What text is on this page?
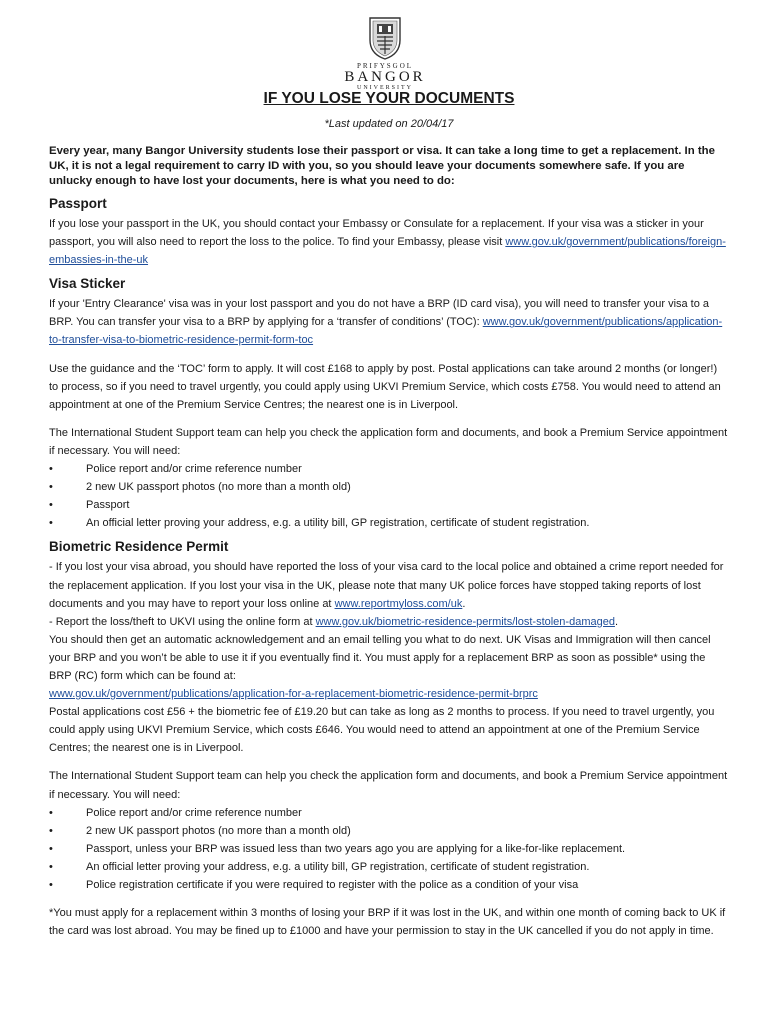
PRIFYSGOL
BANGOR
UNIVERSITY
IF YOU LOSE YOUR DOCUMENTS
*Last updated on 20/04/17

Every year, many Bangor University students lose their passport or visa. It can take a long time to get a replacement. In the UK, it is not a legal requirement to carry ID with you, so you should leave your documents somewhere safe. If you are unlucky enough to have lost your documents, here is what you need to do:

Passport

If you lose your passport in the UK, you should contact your Embassy or Consulate for a replacement. If your visa was a sticker in your passport, you will also need to report the loss to the police. To find your Embassy, please visit www.gov.uk/government/publications/foreign-embassies-in-the-uk

Visa Sticker

If your 'Entry Clearance' visa was in your lost passport and you do not have a BRP (ID card visa), you will need to transfer your visa to a BRP. You can transfer your visa to a BRP by applying for a ‘transfer of conditions’ (TOC): www.gov.uk/government/publications/application-to-transfer-visa-to-biometric-residence-permit-form-toc

Use the guidance and the ‘TOC’ form to apply. It will cost £168 to apply by post. Postal applications can take around 2 months (or longer!) to process, so if you need to travel urgently, you could apply using UKVI Premium Service, which costs £758. You would need to attend an appointment at one of the Premium Service Centres; the nearest one is in Liverpool.

The International Student Support team can help you check the application form and documents, and book a Premium Service appointment if necessary. You will need:

•	Police report and/or crime reference number
•	2 new UK passport photos (no more than a month old)
•	Passport
•	An official letter proving your address, e.g. a utility bill, GP registration, certificate of student registration.
Biometric Residence Permit

- If you lost your visa abroad, you should have reported the loss of your visa card to the local police and obtained a crime report needed for the replacement application. If you lost your visa in the UK, please note that many UK police forces have stopped taking reports of lost documents and you may have to report your loss online at www.reportmyloss.com/uk.
- Report the loss/theft to UKVI using the online form at www.gov.uk/biometric-residence-permits/lost-stolen-damaged.
You should then get an automatic acknowledgement and an email telling you what to do next. UK Visas and Immigration will then cancel your BRP and you won’t be able to use it if you eventually find it. You must apply for a replacement BRP as soon as possible* using the BRP (RC) form which can be found at:
www.gov.uk/government/publications/application-for-a-replacement-biometric-residence-permit-brprc
Postal applications cost £56 + the biometric fee of £19.20 but can take as long as 2 months to process. If you need to travel urgently, you could apply using UKVI Premium Service, which costs £646. You would need to attend an appointment at one of the Premium Service Centres; the nearest one is in Liverpool.

The International Student Support team can help you check the application form and documents, and book a Premium Service appointment if necessary. You will need:

•	Police report and/or crime reference number
•	2 new UK passport photos (no more than a month old)
•	Passport, unless your BRP was issued less than two years ago you are applying for a like-for-like replacement.
•	An official letter proving your address, e.g. a utility bill, GP registration, certificate of student registration.
•	Police registration certificate if you were required to register with the police as a condition of your visa

*You must apply for a replacement within 3 months of losing your BRP if it was lost in the UK, and within one month of coming back to UK if the card was lost abroad. You may be fined up to £1000 and have your permission to stay in the UK cancelled if you do not apply in time.
